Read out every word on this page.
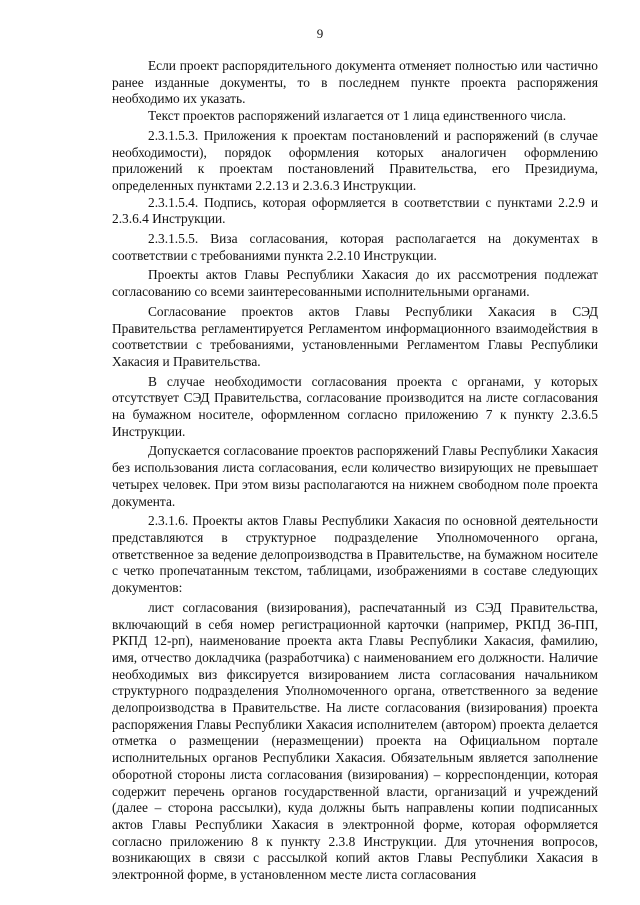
9

Если проект распорядительного документа отменяет полностью или частично ранее изданные документы, то в последнем пункте проекта распоряжения необходимо их указать.

Текст проектов распоряжений излагается от 1 лица единственного числа.

2.3.1.5.3. Приложения к проектам постановлений и распоряжений (в случае необходимости), порядок оформления которых аналогичен оформлению приложений к проектам постановлений Правительства, его Президиума, определенных пунктами 2.2.13 и 2.3.6.3 Инструкции.

2.3.1.5.4. Подпись, которая оформляется в соответствии с пунктами 2.2.9 и 2.3.6.4 Инструкции.

2.3.1.5.5. Виза согласования, которая располагается на документах в соответствии с требованиями пункта 2.2.10 Инструкции.

Проекты актов Главы Республики Хакасия до их рассмотрения подлежат согласованию со всеми заинтересованными исполнительными органами.

Согласование проектов актов Главы Республики Хакасия в СЭД Правительства регламентируется Регламентом информационного взаимодействия в соответствии с требованиями, установленными Регламентом Главы Республики Хакасия и Правительства.

В случае необходимости согласования проекта с органами, у которых отсутствует СЭД Правительства, согласование производится на листе согласования на бумажном носителе, оформленном согласно приложению 7 к пункту 2.3.6.5 Инструкции.

Допускается согласование проектов распоряжений Главы Республики Хакасия без использования листа согласования, если количество визирующих не превышает четырех человек. При этом визы располагаются на нижнем свободном поле проекта документа.

2.3.1.6. Проекты актов Главы Республики Хакасия по основной деятельности представляются в структурное подразделение Уполномоченного органа, ответственное за ведение делопроизводства в Правительстве, на бумажном носителе с четко пропечатанным текстом, таблицами, изображениями в составе следующих документов:

лист согласования (визирования), распечатанный из СЭД Правительства, включающий в себя номер регистрационной карточки (например, РКПД 36-ПП, РКПД 12-рп), наименование проекта акта Главы Республики Хакасия, фамилию, имя, отчество докладчика (разработчика) с наименованием его должности. Наличие необходимых виз фиксируется визированием листа согласования начальником структурного подразделения Уполномоченного органа, ответственного за ведение делопроизводства в Правительстве. На листе согласования (визирования) проекта распоряжения Главы Республики Хакасия исполнителем (автором) проекта делается отметка о размещении (неразмещении) проекта на Официальном портале исполнительных органов Республики Хакасия. Обязательным является заполнение оборотной стороны листа согласования (визирования) – корреспонденции, которая содержит перечень органов государственной власти, организаций и учреждений (далее – сторона рассылки), куда должны быть направлены копии подписанных актов Главы Республики Хакасия в электронной форме, которая оформляется согласно приложению 8 к пункту 2.3.8 Инструкции. Для уточнения вопросов, возникающих в связи с рассылкой копий актов Главы Республики Хакасия в электронной форме, в установленном месте листа согласования
